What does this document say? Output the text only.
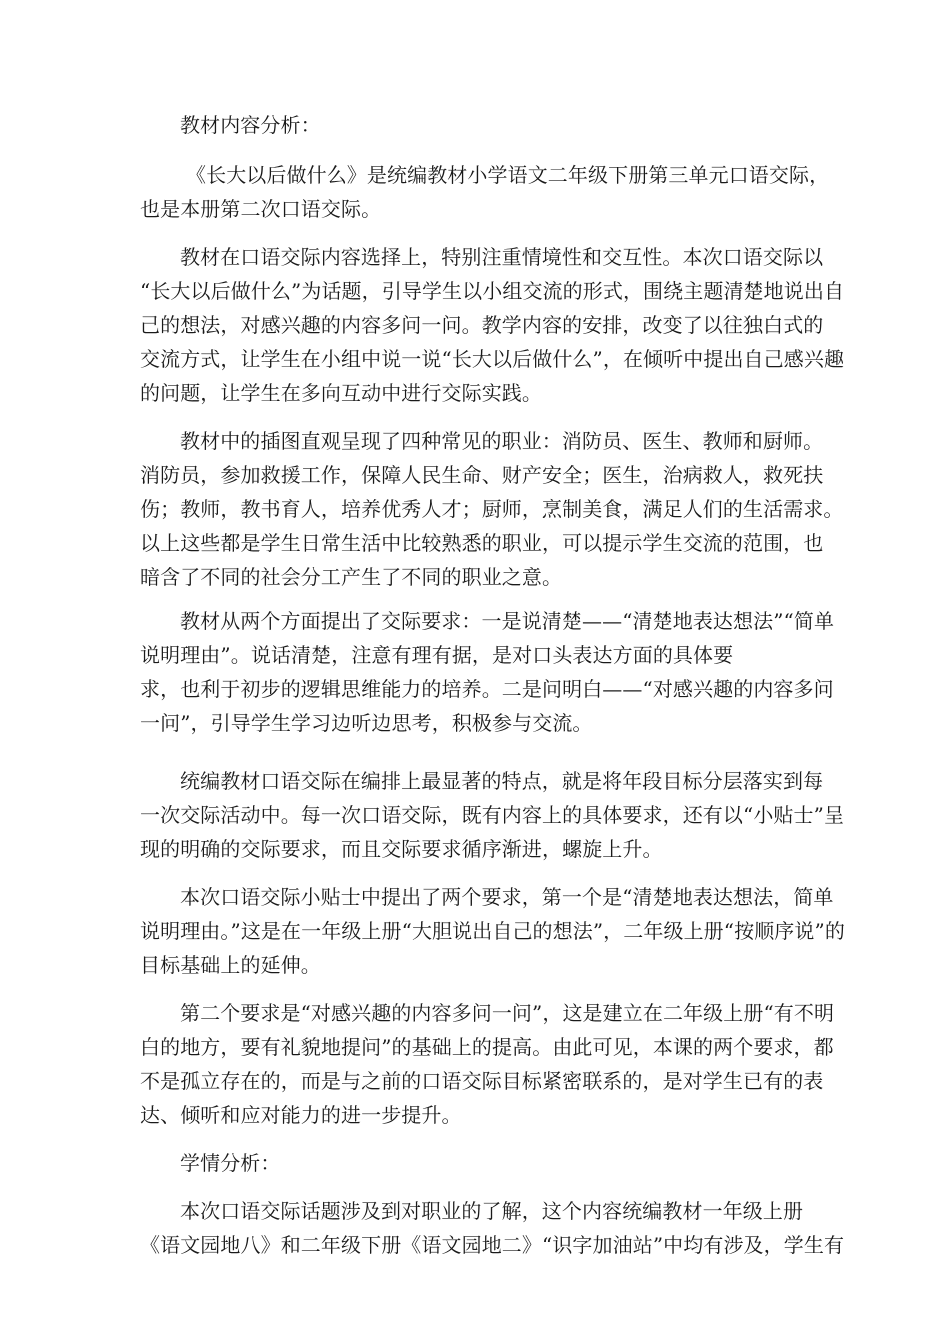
教材内容分析：
《长大以后做什么》是统编教材小学语文二年级下册第三单元口语交际，
也是本册第二次口语交际。
教材在口语交际内容选择上，特别注重情境性和交互性。本次口语交际以
“长大以后做什么”为话题，引导学生以小组交流的形式，围绕主题清楚地说出自
己的想法，对感兴趣的内容多问一问。教学内容的安排，改变了以往独白式的
交流方式，让学生在小组中说一说“长大以后做什么”，在倾听中提出自己感兴趣
的问题，让学生在多向互动中进行交际实践。
教材中的插图直观呈现了四种常见的职业：消防员、医生、教师和厨师。
消防员，参加救援工作，保障人民生命、财产安全；医生，治病救人，救死扶
伤；教师，教书育人，培养优秀人才；厨师，烹制美食，满足人们的生活需求。
以上这些都是学生日常生活中比较熟悉的职业，可以提示学生交流的范围，也
暗含了不同的社会分工产生了不同的职业之意。
教材从两个方面提出了交际要求：一是说清楚——“清楚地表达想法”“简单
说明理由”。说话清楚，注意有理有据，是对口头表达方面的具体要
求，也利于初步的逻辑思维能力的培养。二是问明白——“对感兴趣的内容多问
一问”，引导学生学习边听边思考，积极参与交流。
统编教材口语交际在编排上最显著的特点，就是将年段目标分层落实到每
一次交际活动中。每一次口语交际，既有内容上的具体要求，还有以“小贴士”呈
现的明确的交际要求，而且交际要求循序渐进，螺旋上升。
本次口语交际小贴士中提出了两个要求，第一个是“清楚地表达想法，简单
说明理由。”这是在一年级上册“大胆说出自己的想法”，二年级上册“按顺序说”的
目标基础上的延伸。
第二个要求是“对感兴趣的内容多问一问”，这是建立在二年级上册“有不明
白的地方，要有礼貌地提问”的基础上的提高。由此可见，本课的两个要求，都
不是孤立存在的，而是与之前的口语交际目标紧密联系的，是对学生已有的表
达、倾听和应对能力的进一步提升。
学情分析：
本次口语交际话题涉及到对职业的了解，这个内容统编教材一年级上册
《语文园地八》和二年级下册《语文园地二》“识字加油站”中均有涉及，学生有
